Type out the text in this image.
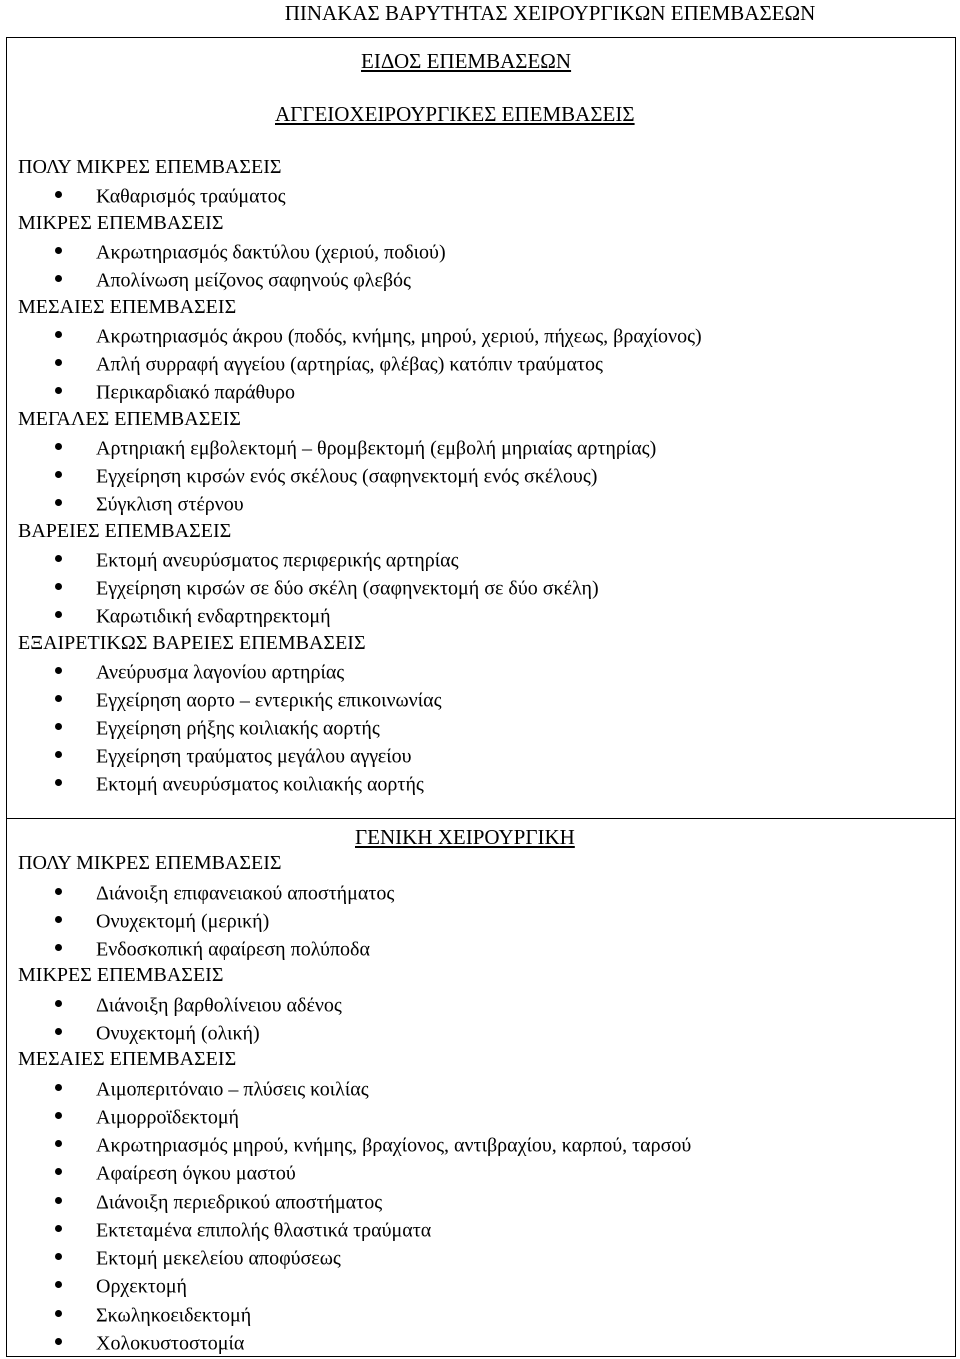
ΠΙΝΑΚΑΣ ΒΑΡΥΤΗΤΑΣ ΧΕΙΡΟΥΡΓΙΚΩΝ ΕΠΕΜΒΑΣΕΩΝ
ΕΙΔΟΣ ΕΠΕΜΒΑΣΕΩΝ
ΑΓΓΕΙΟΧΕΙΡΟΥΡΓΙΚΕΣ ΕΠΕΜΒΑΣΕΙΣ
ΠΟΛΥ ΜΙΚΡΕΣ ΕΠΕΜΒΑΣΕΙΣ
Καθαρισμός τραύματος
ΜΙΚΡΕΣ ΕΠΕΜΒΑΣΕΙΣ
Ακρωτηριασμός δακτύλου (χεριού, ποδιού)
Απολίνωση μείζονος σαφηνούς φλεβός
ΜΕΣΑΙΕΣ ΕΠΕΜΒΑΣΕΙΣ
Ακρωτηριασμός άκρου (ποδός, κνήμης, μηρού, χεριού, πήχεως, βραχίονος)
Απλή συρραφή αγγείου (αρτηρίας, φλέβας) κατόπιν τραύματος
Περικαρδιακό παράθυρο
ΜΕΓΑΛΕΣ ΕΠΕΜΒΑΣΕΙΣ
Αρτηριακή εμβολεκτομή – θρομβεκτομή (εμβολή μηριαίας αρτηρίας)
Εγχείρηση κιρσών ενός σκέλους (σαφηνεκτομή ενός σκέλους)
Σύγκλιση στέρνου
ΒΑΡΕΙΕΣ ΕΠΕΜΒΑΣΕΙΣ
Εκτομή ανευρύσματος περιφερικής αρτηρίας
Εγχείρηση κιρσών σε δύο σκέλη (σαφηνεκτομή σε δύο σκέλη)
Καρωτιδική ενδαρτηρεκτομή
ΕΞΑΙΡΕΤΙΚΩΣ ΒΑΡΕΙΕΣ ΕΠΕΜΒΑΣΕΙΣ
Ανεύρυσμα λαγονίου αρτηρίας
Εγχείρηση αορτο – εντερικής επικοινωνίας
Εγχείρηση ρήξης κοιλιακής αορτής
Εγχείρηση τραύματος μεγάλου αγγείου
Εκτομή ανευρύσματος κοιλιακής αορτής
ΓΕΝΙΚΗ ΧΕΙΡΟΥΡΓΙΚΗ
ΠΟΛΥ ΜΙΚΡΕΣ ΕΠΕΜΒΑΣΕΙΣ
Διάνοιξη επιφανειακού αποστήματος
Ονυχεκτομή (μερική)
Ενδοσκοπική αφαίρεση πολύποδα
ΜΙΚΡΕΣ ΕΠΕΜΒΑΣΕΙΣ
Διάνοιξη βαρθολίνειου αδένος
Ονυχεκτομή (ολική)
ΜΕΣΑΙΕΣ ΕΠΕΜΒΑΣΕΙΣ
Αιμοπεριτόναιο – πλύσεις κοιλίας
Αιμορροϊδεκτομή
Ακρωτηριασμός μηρού, κνήμης, βραχίονος, αντιβραχίου, καρπού, ταρσού
Αφαίρεση όγκου μαστού
Διάνοιξη περιεδρικού αποστήματος
Εκτεταμένα επιπολής θλαστικά τραύματα
Εκτομή μεκελείου αποφύσεως
Ορχεκτομή
Σκωληκοειδεκτομή
Χολοκυστοστομία
